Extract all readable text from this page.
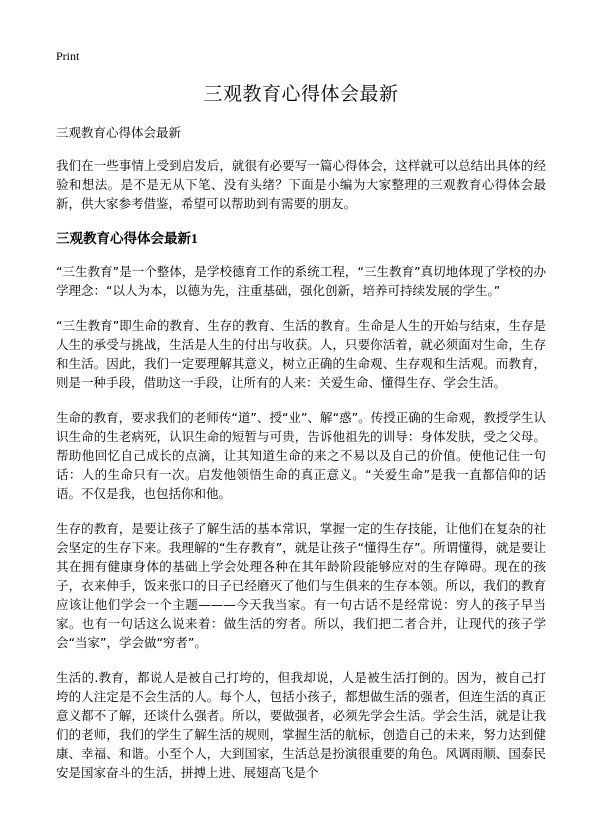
Print
三观教育心得体会最新

三观教育心得体会最新

我们在一些事情上受到启发后，就很有必要写一篇心得体会，这样就可以总结出具体的经验和想法。是不是无从下笔、没有头绪？下面是小编为大家整理的三观教育心得体会最新，供大家参考借鉴，希望可以帮助到有需要的朋友。

三观教育心得体会最新1

“三生教育”是一个整体，是学校德育工作的系统工程，“三生教育”真切地体现了学校的办学理念：“以人为本，以德为先，注重基础，强化创新，培养可持续发展的学生。”

“三生教育”即生命的教育、生存的教育、生活的教育。生命是人生的开始与结束，生存是人生的承受与挑战，生活是人生的付出与收获。人，只要你活着，就必须面对生命，生存和生活。因此，我们一定要理解其意义，树立正确的生命观、生存观和生活观。而教育，则是一种手段，借助这一手段，让所有的人来：关爱生命、懂得生存、学会生活。

生命的教育，要求我们的老师传“道”、授“业”、解“惑”。传授正确的生命观，教授学生认识生命的生老病死，认识生命的短暂与可贵，告诉他祖先的训导：身体发肤，受之父母。帮助他回忆自己成长的点滴，让其知道生命的来之不易以及自己的价值。使他记住一句话：人的生命只有一次。启发他领悟生命的真正意义。“关爱生命”是我一直都信仰的话语。不仅是我，也包括你和他。

生存的教育，是要让孩子了解生活的基本常识，掌握一定的生存技能，让他们在复杂的社会坚定的生存下来。我理解的“生存教育”，就是让孩子“懂得生存”。所谓懂得，就是要让其在拥有健康身体的基础上学会处理各种在其年龄阶段能够应对的生存障碍。现在的孩子，衣来伸手，饭来张口的日子已经磨灭了他们与生俱来的生存本领。所以，我们的教育应该让他们学会一个主题———今天我当家。有一句古话不是经常说：穷人的孩子早当家。也有一句话这么说来着：做生活的穷者。所以，我们把二者合并，让现代的孩子学会“当家”，学会做“穷者”。

生活的.教育，都说人是被自己打垮的，但我却说，人是被生活打倒的。因为，被自己打垮的人注定是不会生活的人。每个人，包括小孩子，都想做生活的强者，但连生活的真正意义都不了解，还谈什么强者。所以，要做强者，必须先学会生活。学会生活，就是让我们的老师，我们的学生了解生活的规则，掌握生活的航标，创造自己的未来，努力达到健康、幸福、和谐。小至个人，大到国家，生活总是扮演很重要的角色。风调雨顺、国泰民安是国家奋斗的生活，拼搏上进、展翅高飞是个
